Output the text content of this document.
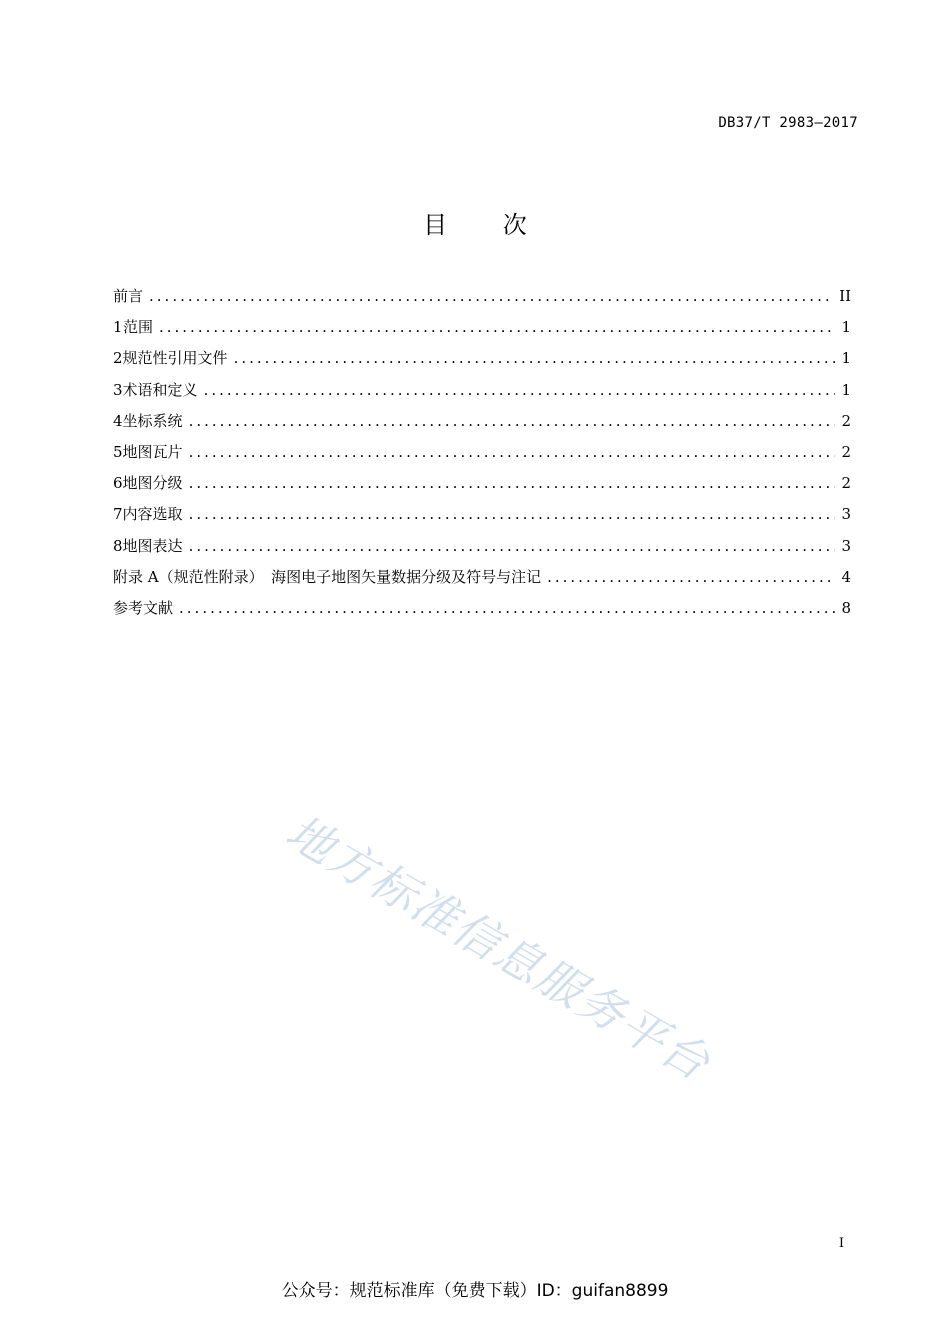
DB37/T 2983—2017
目 次
前言 .....	II
1 范围 .....	1
2 规范性引用文件 .....	1
3 术语和定义 .....	1
4 坐标系统 .....	2
5 地图瓦片 .....	2
6 地图分级 .....	2
7 内容选取 .....	3
8 地图表达 .....	3
附录 A（规范性附录）　海图电子地图矢量数据分级及符号与注记 .....	4
参考文献 .....	8
地方标准信息服务平台
I
公众号：规范标准库（免费下载）ID：guifan8899
